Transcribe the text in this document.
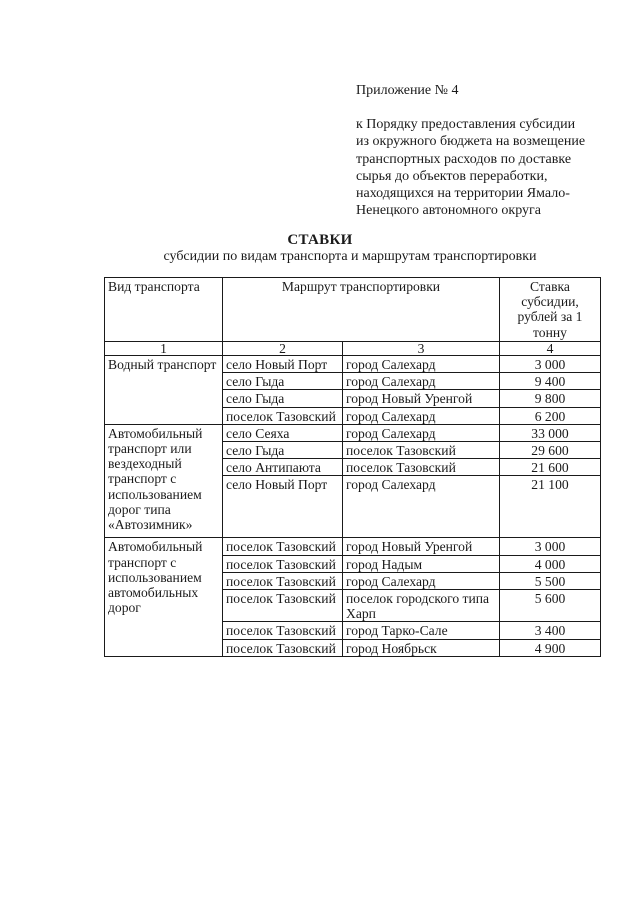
Приложение № 4
к Порядку предоставления субсидии
из окружного бюджета на возмещение
транспортных расходов по доставке
сырья до объектов переработки,
находящихся на территории Ямало-
Ненецкого автономного округа
СТАВКИ
субсидии по видам транспорта и маршрутам транспортировки
Вид транспорта	Маршрут транспортировки		Ставка субсидии, рублей за 1 тонну
1	2	3	4
Водный транспорт	село Новый Порт	город Салехард	3 000
	село Гыда	город Салехард	9 400
	село Гыда	город Новый Уренгой	9 800
	поселок Тазовский	город Салехард	6 200
Автомобильный транспорт или вездеходный транспорт с использованием дорог типа «Автозимник»	село Сеяха	город Салехард	33 000
	село Гыда	поселок Тазовский	29 600
	село Антипаюта	поселок Тазовский	21 600
	село Новый Порт	город Салехард	21 100
Автомобильный транспорт с использованием автомобильных дорог	поселок Тазовский	город Новый Уренгой	3 000
	поселок Тазовский	город Надым	4 000
	поселок Тазовский	город Салехард	5 500
	поселок Тазовский	поселок городского типа Харп	5 600
	поселок Тазовский	город Тарко-Сале	3 400
	поселок Тазовский	город Ноябрьск	4 900
